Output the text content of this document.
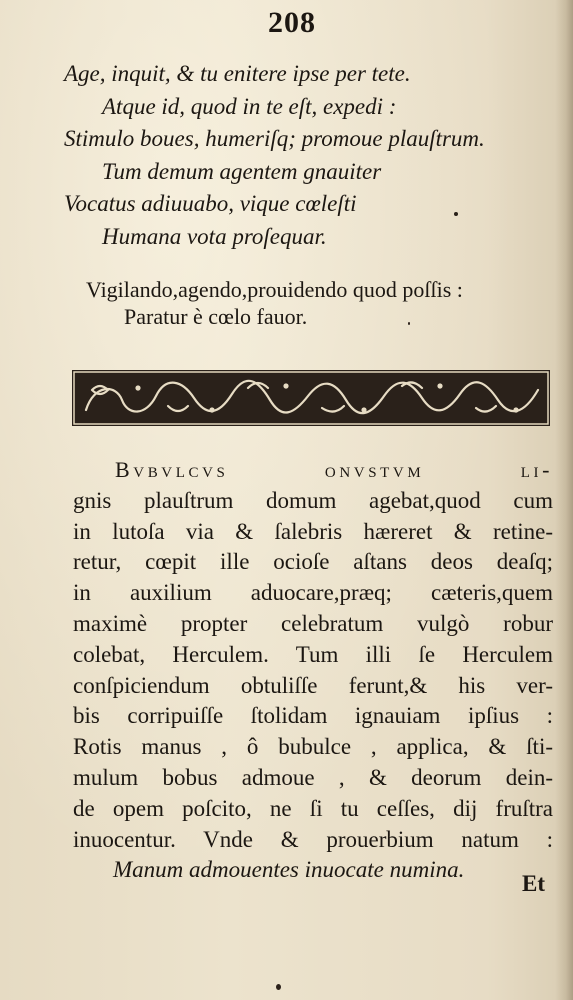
208
Age, inquit, & tu enitere ipse per tete.
Atque id, quod in te eſt, expedi :
Stimulo boues, humeriſq; promoue plauſtrum.
Tum demum agentem gnauiter
Vocatus adiuuabo, vique cœleſti
Humana vota proſequar.
Vigilando,agendo,prouidendo quod poſſis :
Paratur è cœlo fauor.
Bvbvlcvs onvstvm li-
gnis plauſtrum domum agebat,quod cum
in lutoſa via & ſalebris hæreret & retine-
retur, cœpit ille ocioſe aſtans deos deaſq;
in auxilium aduocare,præq; cæteris,quem
maximè propter celebratum vulgò robur
colebat, Herculem. Tum illi ſe Herculem
conſpiciendum obtuliſſe ferunt,& his ver-
bis corripuiſſe ſtolidam ignauiam ipſius :
Rotis manus , ô bubulce , applica, & ſti-
mulum bobus admoue , & deorum dein-
de opem poſcito, ne ſi tu ceſſes, dij fruſtra
inuocentur. Vnde & prouerbium natum :
Manum admouentes inuocate numina.
Et
